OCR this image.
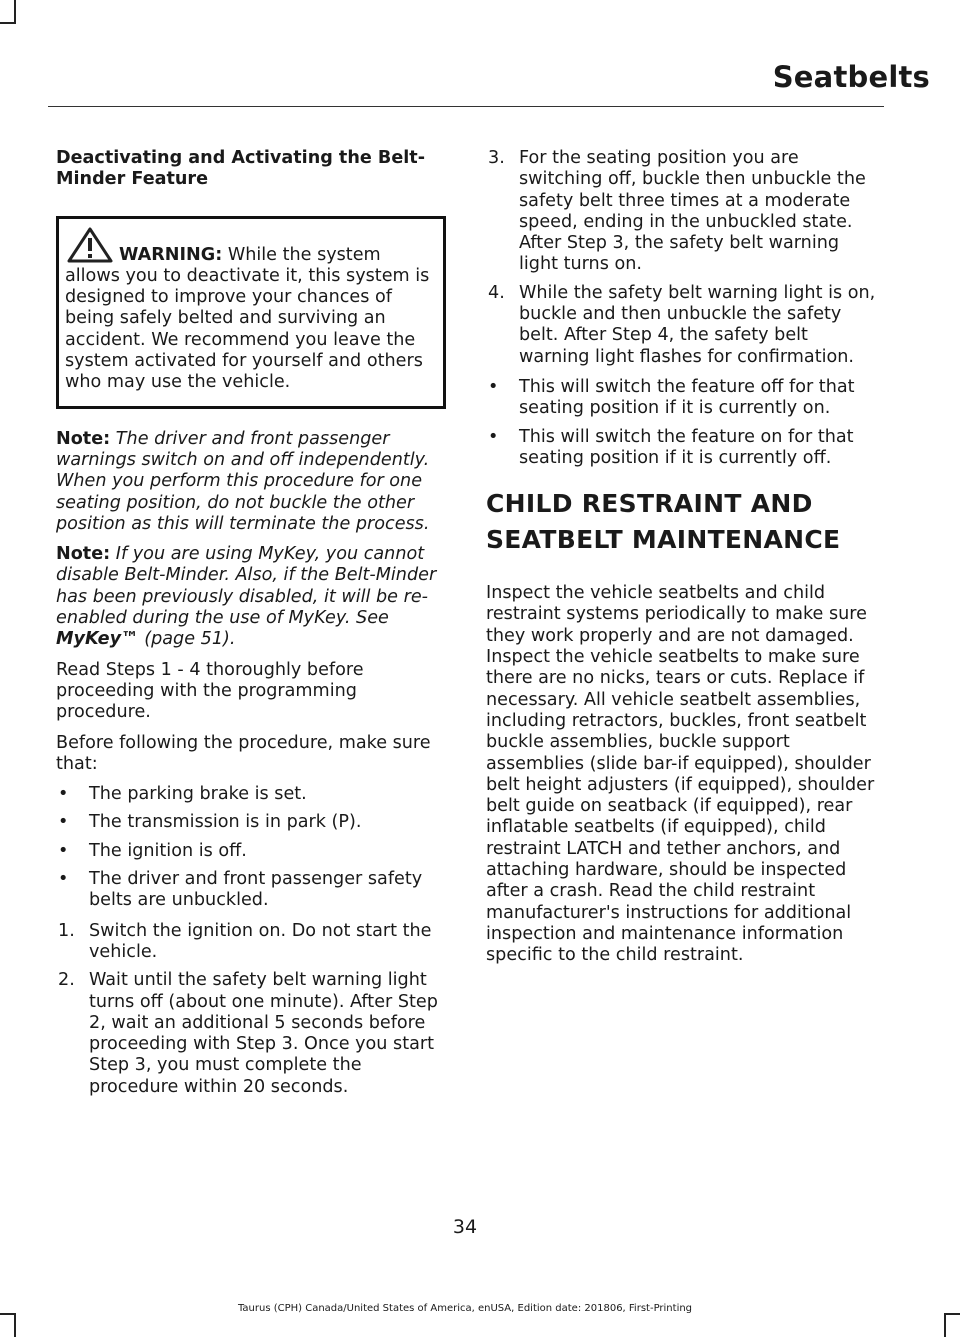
Seatbelts
Deactivating and Activating the Belt-Minder Feature

WARNING: While the system allows you to deactivate it, this system is designed to improve your chances of being safely belted and surviving an accident. We recommend you leave the system activated for yourself and others who may use the vehicle.

Note: The driver and front passenger warnings switch on and off independently. When you perform this procedure for one seating position, do not buckle the other position as this will terminate the process.

Note: If you are using MyKey, you cannot disable Belt-Minder. Also, if the Belt-Minder has been previously disabled, it will be re-enabled during the use of MyKey. See MyKey™ (page 51).

Read Steps 1 - 4 thoroughly before proceeding with the programming procedure.

Before following the procedure, make sure that:

• The parking brake is set.
• The transmission is in park (P).
• The ignition is off.
• The driver and front passenger safety belts are unbuckled.
1. Switch the ignition on. Do not start the vehicle.
2. Wait until the safety belt warning light turns off (about one minute). After Step 2, wait an additional 5 seconds before proceeding with Step 3. Once you start Step 3, you must complete the procedure within 20 seconds.
3. For the seating position you are switching off, buckle then unbuckle the safety belt three times at a moderate speed, ending in the unbuckled state. After Step 3, the safety belt warning light turns on.
4. While the safety belt warning light is on, buckle and then unbuckle the safety belt. After Step 4, the safety belt warning light flashes for confirmation.
• This will switch the feature off for that seating position if it is currently on.
• This will switch the feature on for that seating position if it is currently off.
CHILD RESTRAINT AND
SEATBELT MAINTENANCE

Inspect the vehicle seatbelts and child restraint systems periodically to make sure they work properly and are not damaged. Inspect the vehicle seatbelts to make sure there are no nicks, tears or cuts. Replace if necessary. All vehicle seatbelt assemblies, including retractors, buckles, front seatbelt buckle assemblies, buckle support assemblies (slide bar-if equipped), shoulder belt height adjusters (if equipped), shoulder belt guide on seatback (if equipped), rear inflatable seatbelts (if equipped), child restraint LATCH and tether anchors, and attaching hardware, should be inspected after a crash. Read the child restraint manufacturer's instructions for additional inspection and maintenance information specific to the child restraint.

34
Taurus (CPH) Canada/United States of America, enUSA, Edition date: 201806, First-Printing
